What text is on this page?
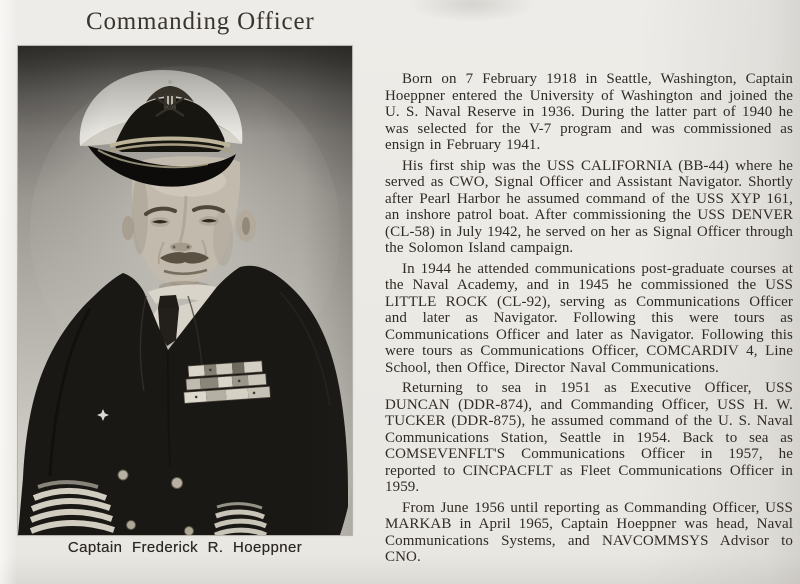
Commanding Officer
Captain Frederick R. Hoeppner

Born on 7 February 1918 in Seattle, Washington, Captain Hoeppner entered the University of Washington and joined the U. S. Naval Reserve in 1936. During the latter part of 1940 he was selected for the V-7 program and was commissioned as ensign in February 1941.

His first ship was the USS CALIFORNIA (BB-44) where he served as CWO, Signal Officer and Assistant Navigator. Shortly after Pearl Harbor he assumed command of the USS XYP 161, an inshore patrol boat. After commissioning the USS DENVER (CL-58) in July 1942, he served on her as Signal Officer through the Solomon Island campaign.

In 1944 he attended communications post-graduate courses at the Naval Academy, and in 1945 he commissioned the USS LITTLE ROCK (CL-92), serving as Communications Officer and later as Navigator. Following this were tours as Communications Officer and later as Navigator. Following this were tours as Communications Officer, COMCARDIV 4, Line School, then Office, Director Naval Communications.

Returning to sea in 1951 as Executive Officer, USS DUNCAN (DDR-874), and Commanding Officer, USS H. W. TUCKER (DDR-875), he assumed command of the U. S. Naval Communications Station, Seattle in 1954. Back to sea as COMSEVENFLT'S Communications Officer in 1957, he reported to CINCPACFLT as Fleet Communications Officer in 1959.

From June 1956 until reporting as Commanding Officer, USS MARKAB in April 1965, Captain Hoeppner was head, Naval Communications Systems, and NAVCOMMSYS Advisor to CNO.
